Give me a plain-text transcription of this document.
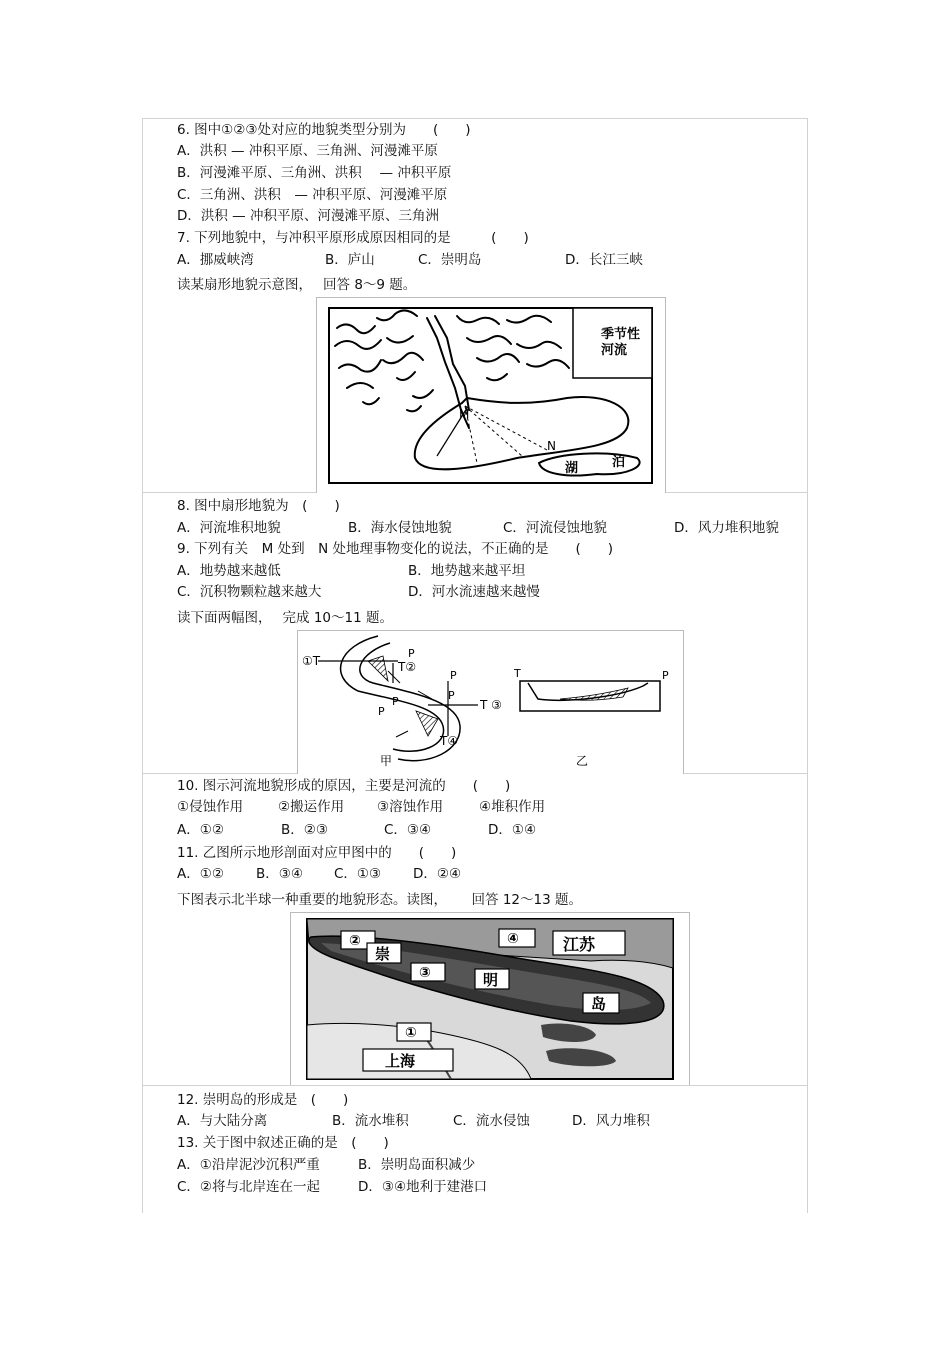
6. 图中①②③处对应的地貌类型分别为　　(　　)
A．洪积 — 冲积平原、三角洲、河漫滩平原
B．河漫滩平原、三角洲、洪积　 — 冲积平原
C．三角洲、洪积　— 冲积平原、河漫滩平原
D．洪积 — 冲积平原、河漫滩平原、三角洲
7. 下列地貌中，与冲积平原形成原因相同的是　　　(　　)
A．挪威峡湾	B．庐山	C．崇明岛	D．长江三峡
读某扇形地貌示意图，　 回答 8～9 题。
季节性
河流
M
N
湖	泊
8. 图中扇形地貌为　(　　)
A．河流堆积地貌	B．海水侵蚀地貌	C．河流侵蚀地貌	D．风力堆积地貌
9. 下列有关　M 处到　N 处地理事物变化的说法，不正确的是　　(　　)
A．地势越来越低	B．地势越来越平坦
C．沉积物颗粒越来越大	D．河水流速越来越慢
读下面两幅图，　 完成 10～11 题。
①T	T②
P
P
P
P
P	T ③
T④
甲
T	P
乙
10. 图示河流地貌形成的原因，主要是河流的　　(　　)
①侵蚀作用	②搬运作用 ③溶蚀作用	④堆积作用
A．①②	B．②③	C．③④	D．①④
11. 乙图所示地形剖面对应甲图中的　　(　　)
A．①② B．③④ C．①③ D．②④
下图表示北半球一种重要的地貌形态。读图，　　 回答 12～13 题。
②
崇
③	明
④	江苏
岛
①
上海
12. 崇明岛的形成是　(　　)
A．与大陆分离	B．流水堆积	C．流水侵蚀	D．风力堆积
13. 关于图中叙述正确的是　(　　)
A．①沿岸泥沙沉积严重	B．崇明岛面积减少
C．②将与北岸连在一起	D．③④地利于建港口
